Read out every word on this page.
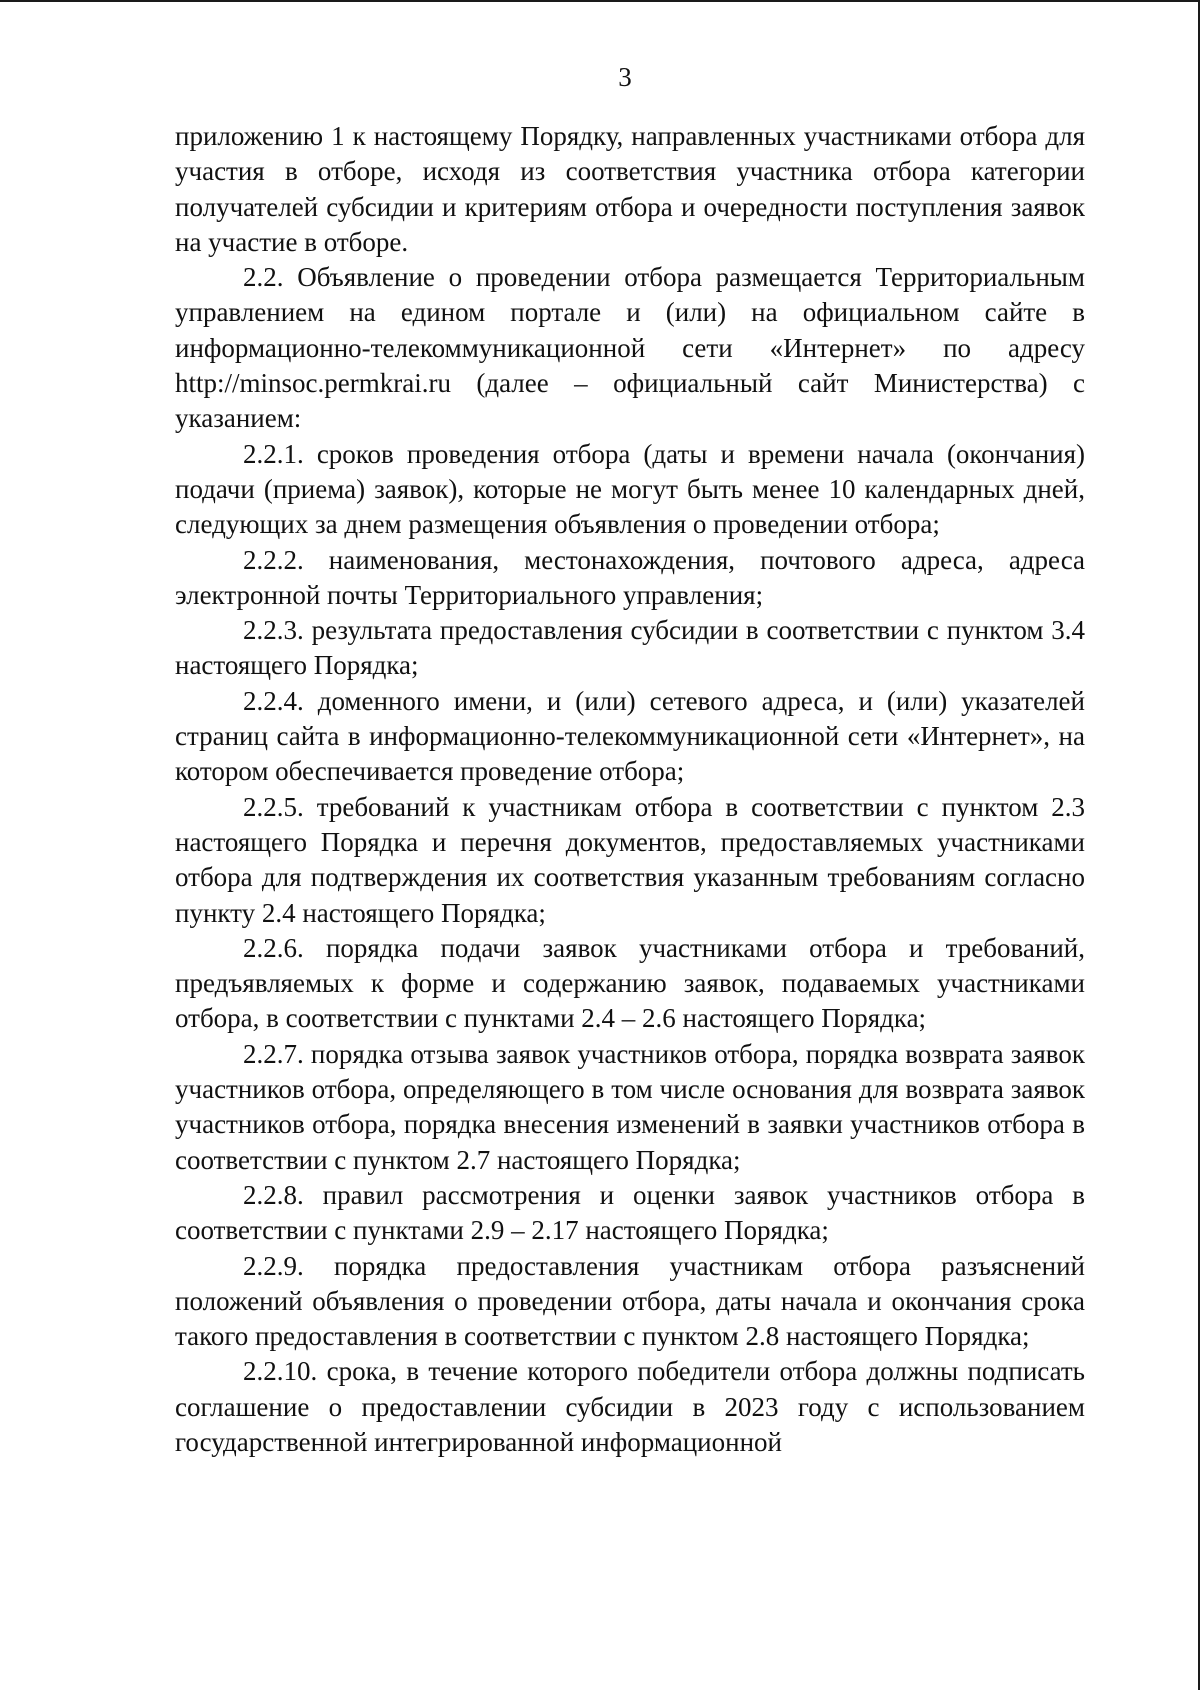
3

приложению 1 к настоящему Порядку, направленных участниками отбора для участия в отборе, исходя из соответствия участника отбора категории получателей субсидии и критериям отбора и очередности поступления заявок на участие в отборе.

2.2. Объявление о проведении отбора размещается Территориальным управлением на едином портале и (или) на официальном сайте в информационно-телекоммуникационной сети «Интернет» по адресу http://minsoc.permkrai.ru (далее – официальный сайт Министерства) с указанием:

2.2.1. сроков проведения отбора (даты и времени начала (окончания) подачи (приема) заявок), которые не могут быть менее 10 календарных дней, следующих за днем размещения объявления о проведении отбора;

2.2.2. наименования, местонахождения, почтового адреса, адреса электронной почты Территориального управления;

2.2.3. результата предоставления субсидии в соответствии с пунктом 3.4 настоящего Порядка;

2.2.4. доменного имени, и (или) сетевого адреса, и (или) указателей страниц сайта в информационно-телекоммуникационной сети «Интернет», на котором обеспечивается проведение отбора;

2.2.5. требований к участникам отбора в соответствии с пунктом 2.3 настоящего Порядка и перечня документов, предоставляемых участниками отбора для подтверждения их соответствия указанным требованиям согласно пункту 2.4 настоящего Порядка;

2.2.6. порядка подачи заявок участниками отбора и требований, предъявляемых к форме и содержанию заявок, подаваемых участниками отбора, в соответствии с пунктами 2.4 – 2.6 настоящего Порядка;

2.2.7. порядка отзыва заявок участников отбора, порядка возврата заявок участников отбора, определяющего в том числе основания для возврата заявок участников отбора, порядка внесения изменений в заявки участников отбора в соответствии с пунктом 2.7 настоящего Порядка;

2.2.8. правил рассмотрения и оценки заявок участников отбора в соответствии с пунктами 2.9 – 2.17 настоящего Порядка;

2.2.9. порядка предоставления участникам отбора разъяснений положений объявления о проведении отбора, даты начала и окончания срока такого предоставления в соответствии с пунктом 2.8 настоящего Порядка;

2.2.10. срока, в течение которого победители отбора должны подписать соглашение о предоставлении субсидии в 2023 году с использованием государственной интегрированной информационной
